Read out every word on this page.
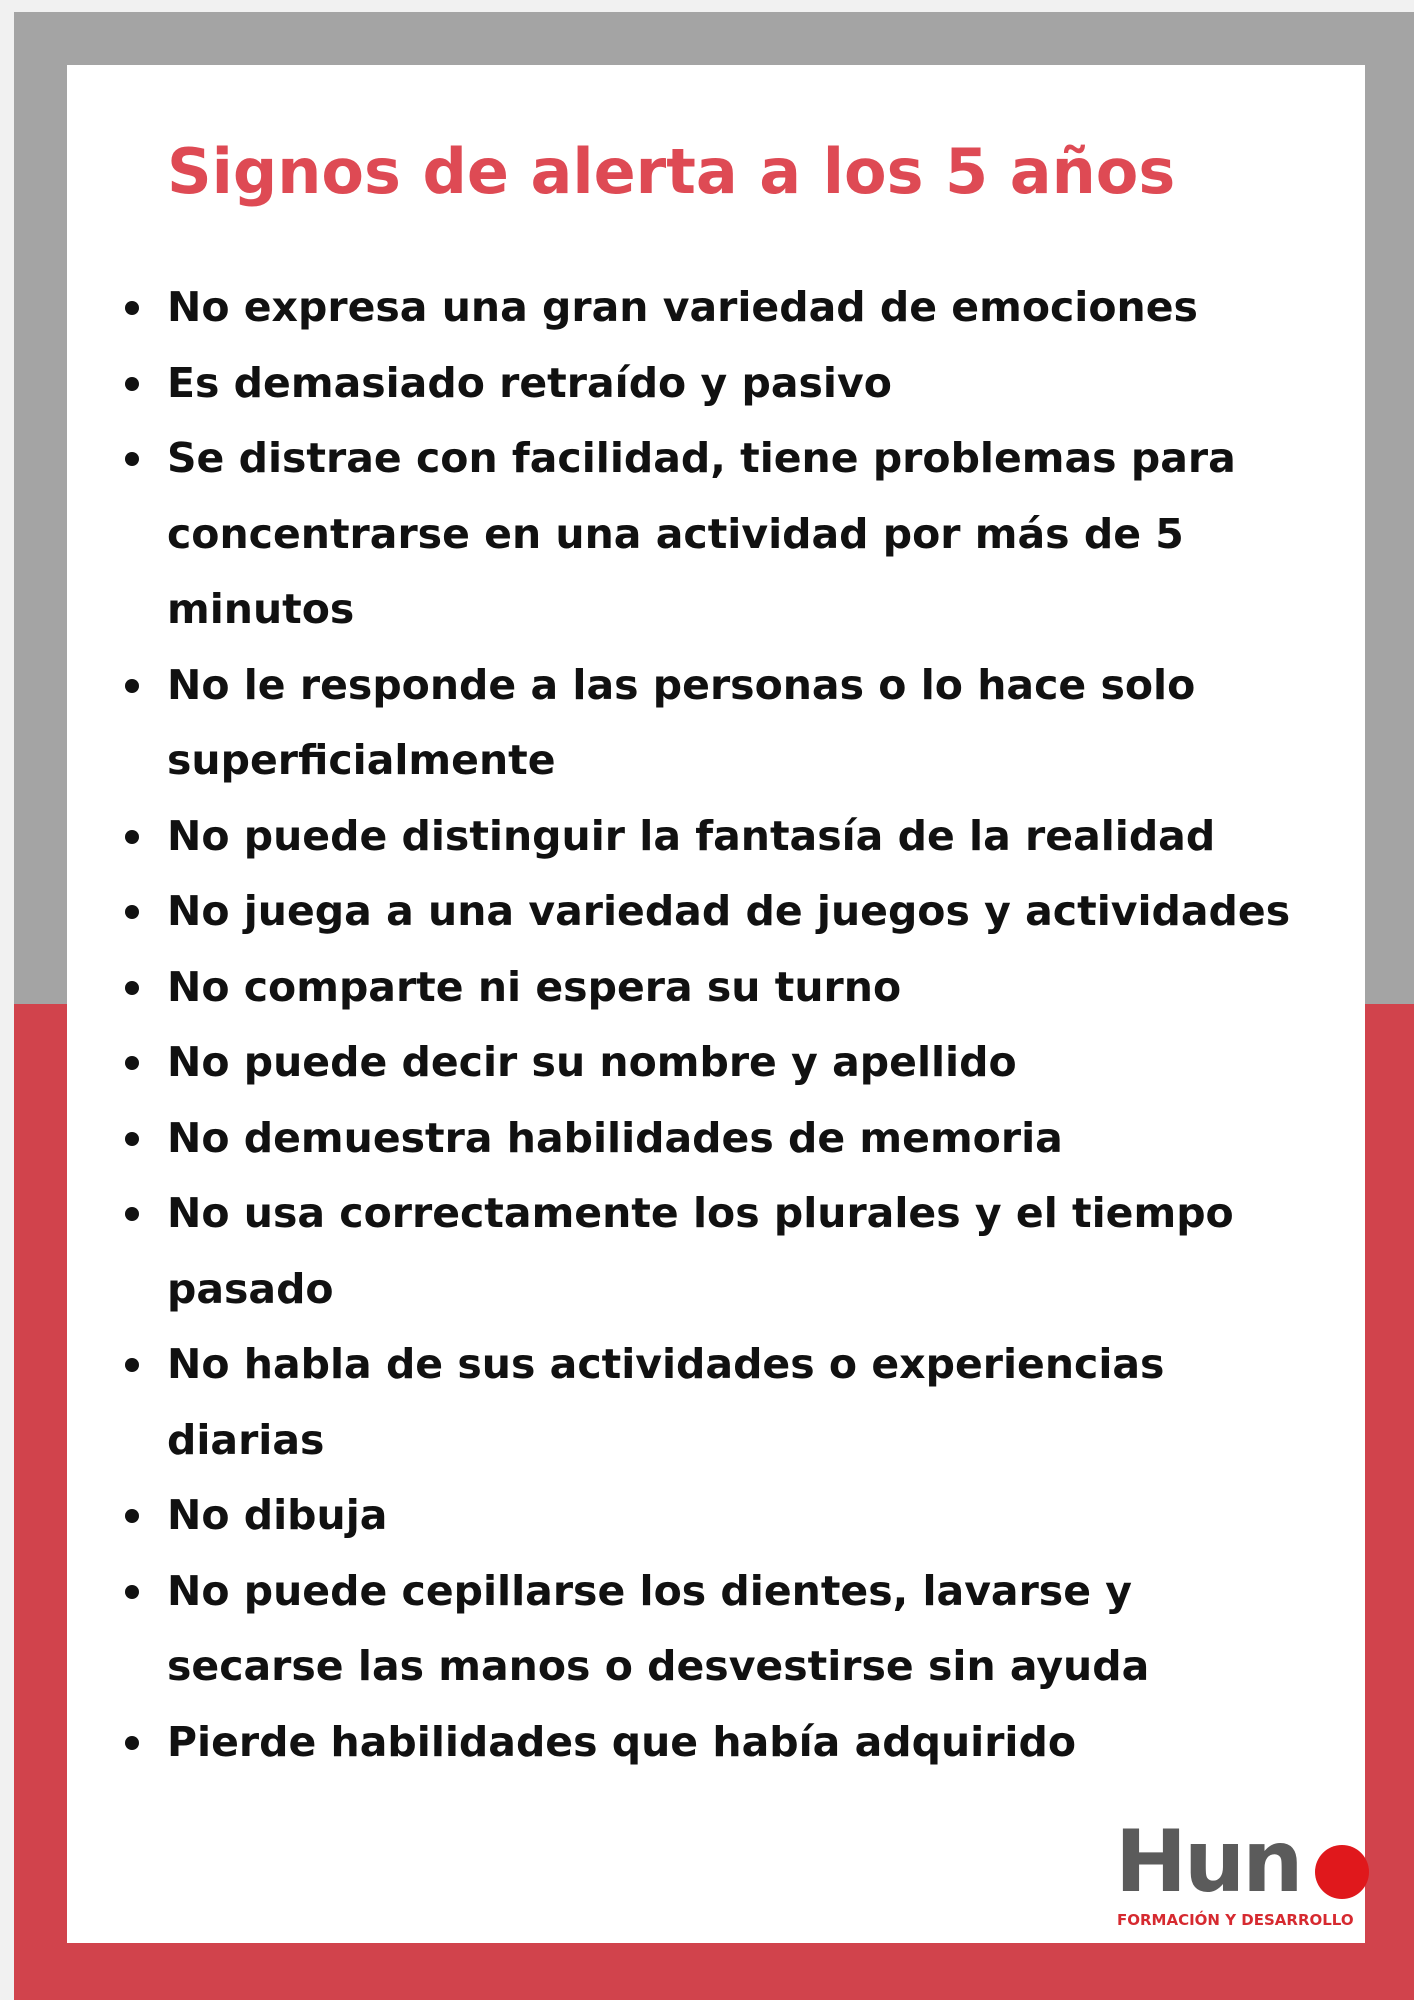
Signos de alerta a los 5 años
No expresa una gran variedad de emociones
Es demasiado retraído y pasivo
Se distrae con facilidad, tiene problemas para concentrarse en una actividad por más de 5 minutos
No le responde a las personas o lo hace solo superficialmente
No puede distinguir la fantasía de la realidad
No juega a una variedad de juegos y actividades
No comparte ni espera su turno
No puede decir su nombre y apellido
No demuestra habilidades de memoria
No usa correctamente los plurales y el tiempo pasado
No habla de sus actividades o experiencias diarias
No dibuja
No puede cepillarse los dientes, lavarse y secarse las manos o desvestirse sin ayuda
Pierde habilidades que había adquirido
Hun
FORMACIÓN Y DESARROLLO
